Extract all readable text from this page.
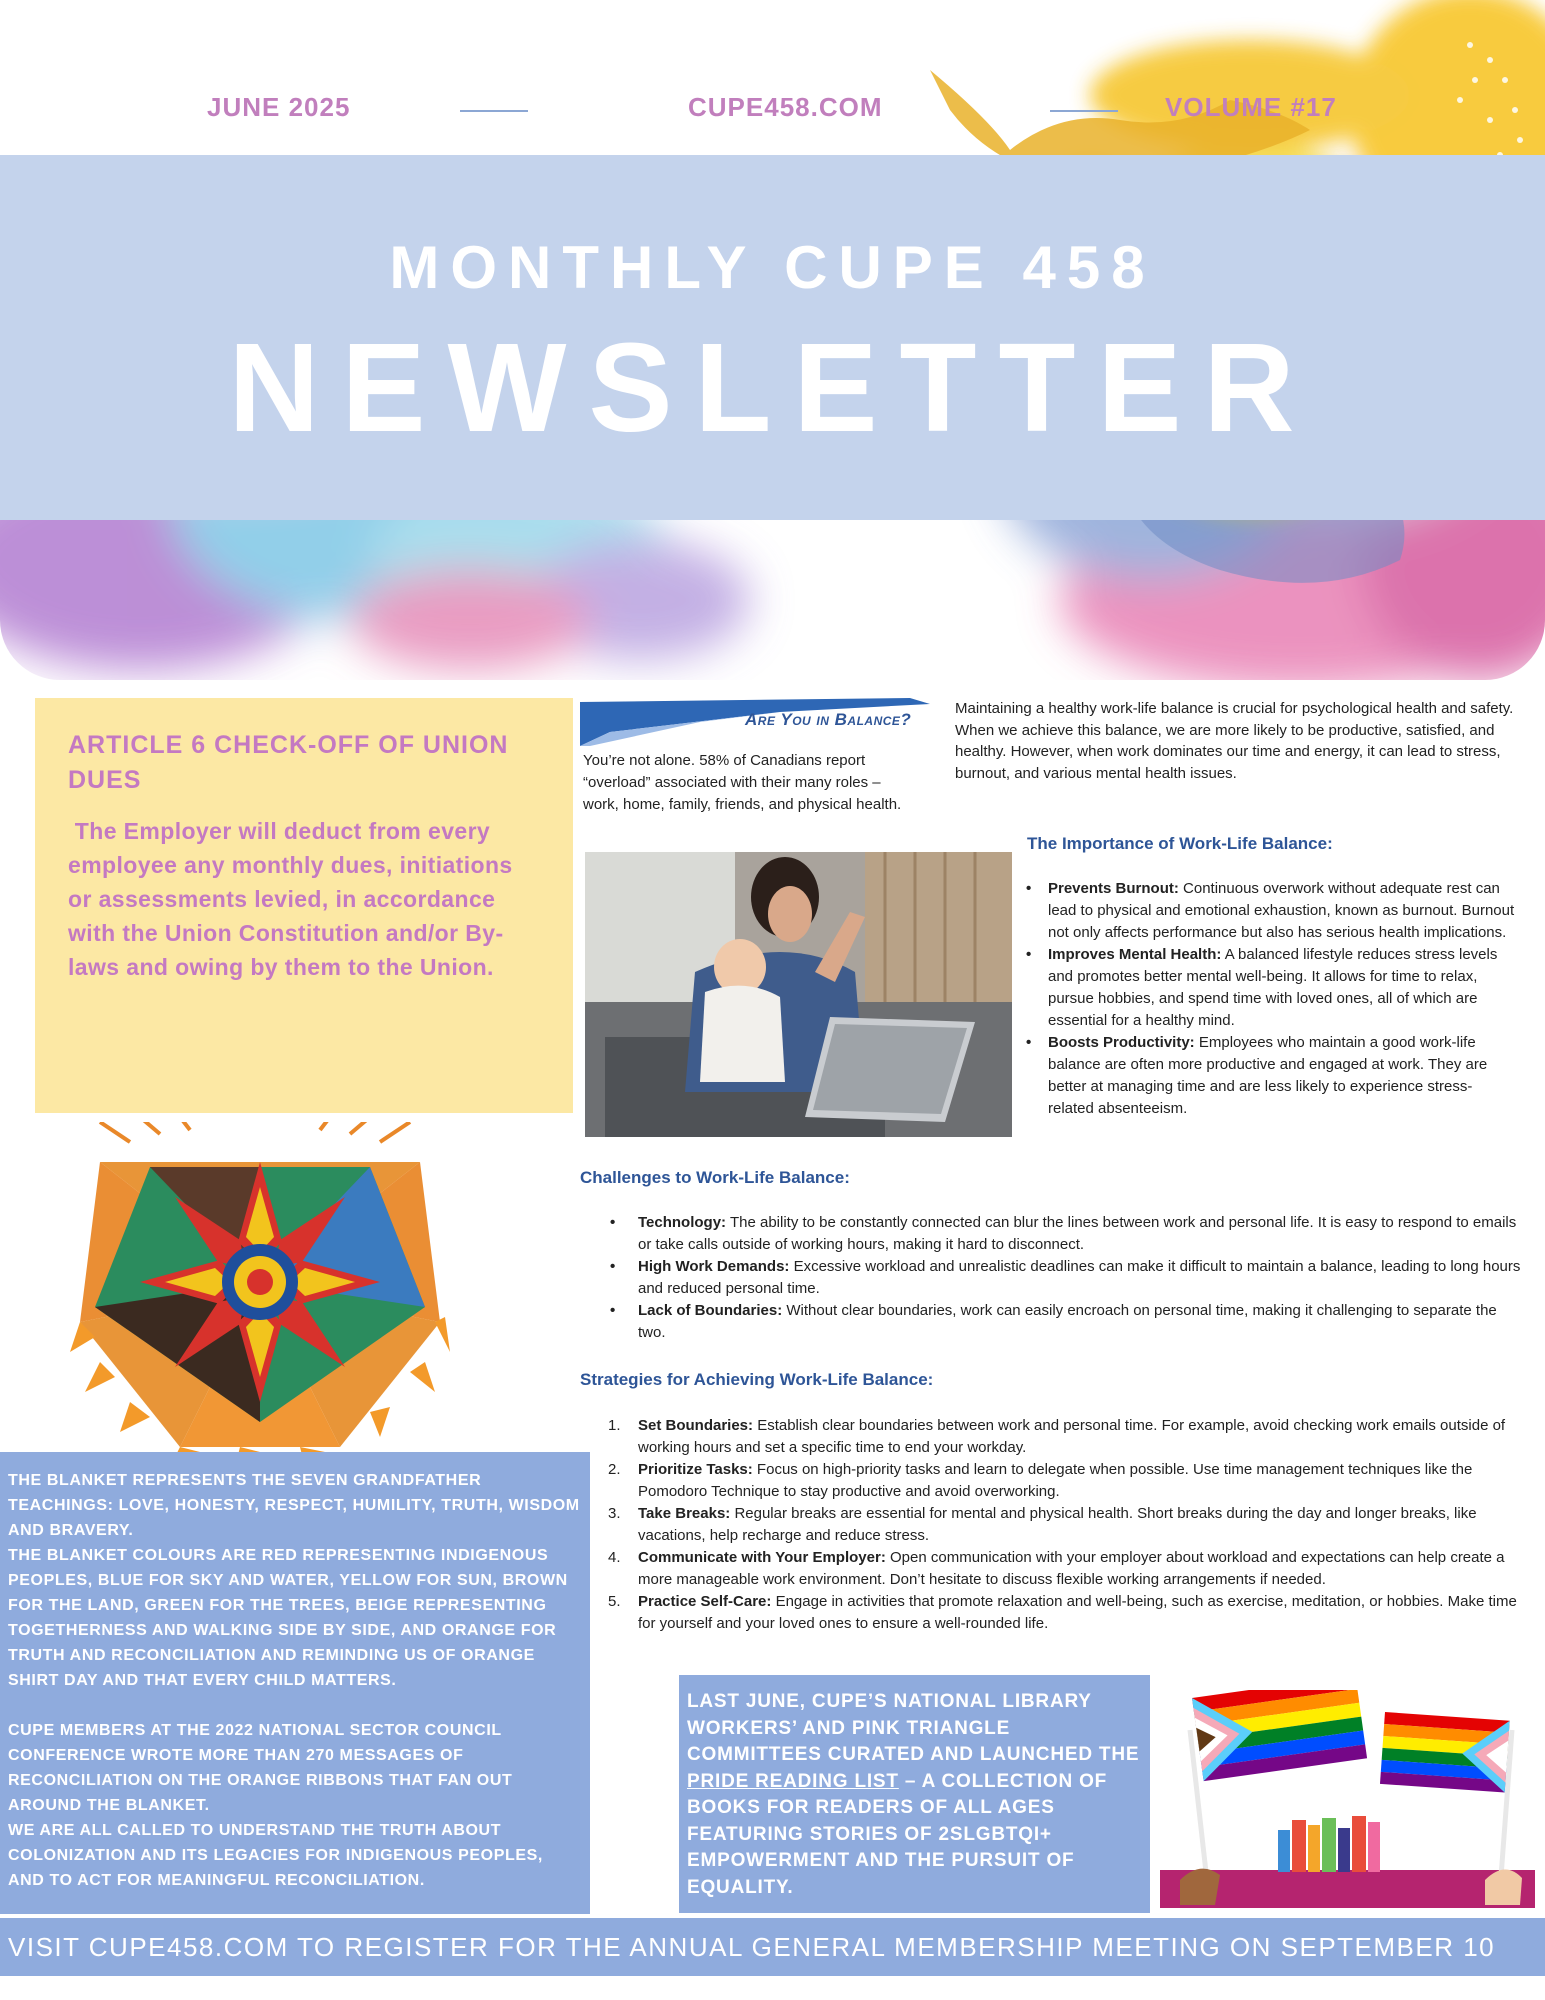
MONTHLY CUPE 458
NEWSLETTER
JUNE 2025	CUPE458.COM	VOLUME #17
ARTICLE 6 CHECK-OFF OF UNION DUES

The Employer will deduct from every employee any monthly dues, initiations or assessments levied, in accordance with the Union Constitution and/or By-laws and owing by them to the Union.

THE BLANKET REPRESENTS THE SEVEN GRANDFATHER TEACHINGS: LOVE, HONESTY, RESPECT, HUMILITY, TRUTH, WISDOM AND BRAVERY.

THE BLANKET COLOURS ARE RED REPRESENTING INDIGENOUS PEOPLES, BLUE FOR SKY AND WATER, YELLOW FOR SUN, BROWN FOR THE LAND, GREEN FOR THE TREES, BEIGE REPRESENTING TOGETHERNESS AND WALKING SIDE BY SIDE, AND ORANGE FOR TRUTH AND RECONCILIATION AND REMINDING US OF ORANGE SHIRT DAY AND THAT EVERY CHILD MATTERS.

CUPE MEMBERS AT THE 2022 NATIONAL SECTOR COUNCIL CONFERENCE WROTE MORE THAN 270 MESSAGES OF RECONCILIATION ON THE ORANGE RIBBONS THAT FAN OUT AROUND THE BLANKET.

WE ARE ALL CALLED TO UNDERSTAND THE TRUTH ABOUT COLONIZATION AND ITS LEGACIES FOR INDIGENOUS PEOPLES, AND TO ACT FOR MEANINGFUL RECONCILIATION.

Are You in Balance?
You’re not alone. 58% of Canadians report “overload” associated with their many roles – work, home, family, friends, and physical health.
Maintaining a healthy work-life balance is crucial for psychological health and safety. When we achieve this balance, we are more likely to be productive, satisfied, and healthy. However, when work dominates our time and energy, it can lead to stress, burnout, and various mental health issues.
The Importance of Work-Life Balance:
• Prevents Burnout: Continuous overwork without adequate rest can lead to physical and emotional exhaustion, known as burnout. Burnout not only affects performance but also has serious health implications.
• Improves Mental Health: A balanced lifestyle reduces stress levels and promotes better mental well-being. It allows for time to relax, pursue hobbies, and spend time with loved ones, all of which are essential for a healthy mind.
• Boosts Productivity: Employees who maintain a good work-life balance are often more productive and engaged at work. They are better at managing time and are less likely to experience stress-related absenteeism.
Challenges to Work-Life Balance:
• Technology: The ability to be constantly connected can blur the lines between work and personal life. It is easy to respond to emails or take calls outside of working hours, making it hard to disconnect.
• High Work Demands: Excessive workload and unrealistic deadlines can make it difficult to maintain a balance, leading to long hours and reduced personal time.
• Lack of Boundaries: Without clear boundaries, work can easily encroach on personal time, making it challenging to separate the two.
Strategies for Achieving Work-Life Balance:
1. Set Boundaries: Establish clear boundaries between work and personal time. For example, avoid checking work emails outside of working hours and set a specific time to end your workday.
2. Prioritize Tasks: Focus on high-priority tasks and learn to delegate when possible. Use time management techniques like the Pomodoro Technique to stay productive and avoid overworking.
3. Take Breaks: Regular breaks are essential for mental and physical health. Short breaks during the day and longer breaks, like vacations, help recharge and reduce stress.
4. Communicate with Your Employer: Open communication with your employer about workload and expectations can help create a more manageable work environment. Don’t hesitate to discuss flexible working arrangements if needed.
5. Practice Self-Care: Engage in activities that promote relaxation and well-being, such as exercise, meditation, or hobbies. Make time for yourself and your loved ones to ensure a well-rounded life.
LAST JUNE, CUPE’S NATIONAL LIBRARY WORKERS’ AND PINK TRIANGLE COMMITTEES CURATED AND LAUNCHED THE PRIDE READING LIST – A COLLECTION OF BOOKS FOR READERS OF ALL AGES FEATURING STORIES OF 2SLGBTQI+ EMPOWERMENT AND THE PURSUIT OF EQUALITY.
VISIT CUPE458.COM TO REGISTER FOR THE ANNUAL GENERAL MEMBERSHIP MEETING ON SEPTEMBER 10
